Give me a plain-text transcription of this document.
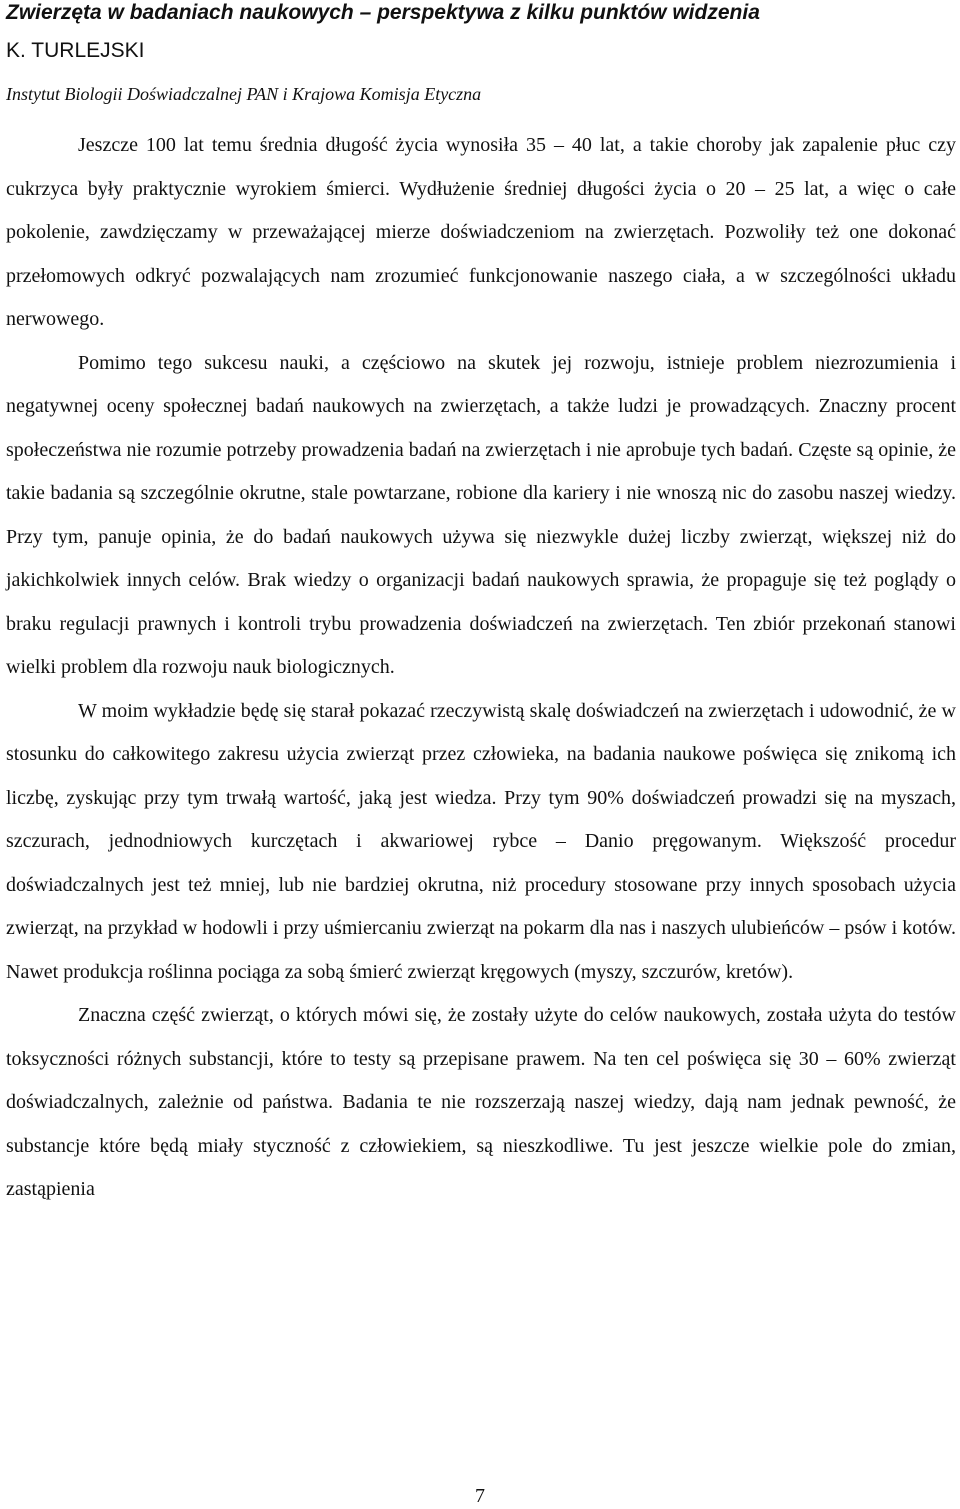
Zwierzęta w badaniach naukowych – perspektywa z kilku punktów widzenia
K. TURLEJSKI
Instytut Biologii Doświadczalnej PAN i Krajowa Komisja Etyczna

Jeszcze 100 lat temu średnia długość życia wynosiła 35 – 40 lat, a takie choroby jak zapalenie płuc czy cukrzyca były praktycznie wyrokiem śmierci. Wydłużenie średniej długości życia o 20 – 25 lat, a więc o całe pokolenie, zawdzięczamy w przeważającej mierze doświadczeniom na zwierzętach. Pozwoliły też one dokonać przełomowych odkryć pozwalających nam zrozumieć funkcjonowanie naszego ciała, a w szczególności układu nerwowego.

Pomimo tego sukcesu nauki, a częściowo na skutek jej rozwoju, istnieje problem niezrozumienia i negatywnej oceny społecznej badań naukowych na zwierzętach, a także ludzi je prowadzących. Znaczny procent społeczeństwa nie rozumie potrzeby prowadzenia badań na zwierzętach i nie aprobuje tych badań. Częste są opinie, że takie badania są szczególnie okrutne, stale powtarzane, robione dla kariery i nie wnoszą nic do zasobu naszej wiedzy. Przy tym, panuje opinia, że do badań naukowych używa się niezwykle dużej liczby zwierząt, większej niż do jakichkolwiek innych celów. Brak wiedzy o organizacji badań naukowych sprawia, że propaguje się też poglądy o braku regulacji prawnych i kontroli trybu prowadzenia doświadczeń na zwierzętach. Ten zbiór przekonań stanowi wielki problem dla rozwoju nauk biologicznych.

W moim wykładzie będę się starał pokazać rzeczywistą skalę doświadczeń na zwierzętach i udowodnić, że w stosunku do całkowitego zakresu użycia zwierząt przez człowieka, na badania naukowe poświęca się znikomą ich liczbę, zyskując przy tym trwałą wartość, jaką jest wiedza. Przy tym 90% doświadczeń prowadzi się na myszach, szczurach, jednodniowych kurczętach i akwariowej rybce – Danio pręgowanym. Większość procedur doświadczalnych jest też mniej, lub nie bardziej okrutna, niż procedury stosowane przy innych sposobach użycia zwierząt, na przykład w hodowli i przy uśmiercaniu zwierząt na pokarm dla nas i naszych ulubieńców – psów i kotów. Nawet produkcja roślinna pociąga za sobą śmierć zwierząt kręgowych (myszy, szczurów, kretów).

Znaczna część zwierząt, o których mówi się, że zostały użyte do celów naukowych, została użyta do testów toksyczności różnych substancji, które to testy są przepisane prawem. Na ten cel poświęca się 30 – 60% zwierząt doświadczalnych, zależnie od państwa. Badania te nie rozszerzają naszej wiedzy, dają nam jednak pewność, że substancje które będą miały styczność z człowiekiem, są nieszkodliwe. Tu jest jeszcze wielkie pole do zmian, zastąpienia

7
